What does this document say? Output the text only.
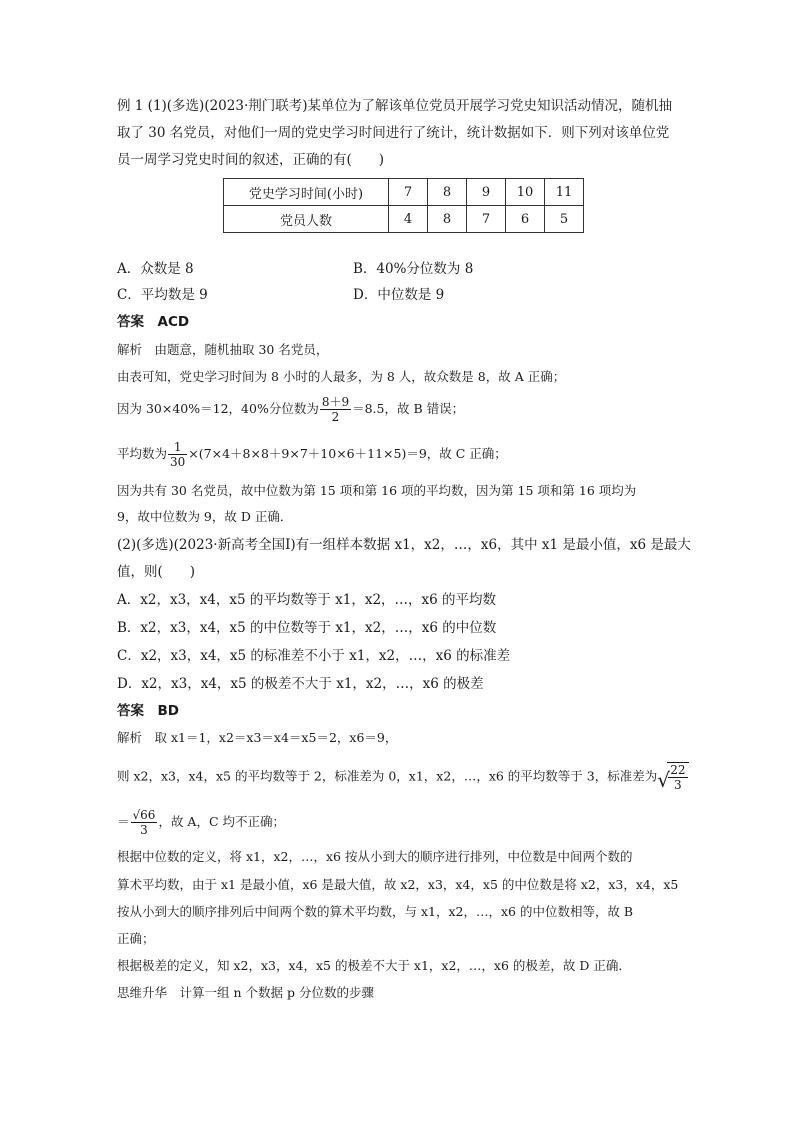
例 1 (1)(多选)(2023·荆门联考)某单位为了解该单位党员开展学习党史知识活动情况，随机抽
取了 30 名党员，对他们一周的党史学习时间进行了统计，统计数据如下．则下列对该单位党
员一周学习党史时间的叙述，正确的有(　　)
党史学习时间(小时)	7	8	9	10	11
党员人数	4	8	7	6	5
A．众数是 8	B．40%分位数为 8
C．平均数是 9	D．中位数是 9
答案　ACD
解析　由题意，随机抽取 30 名党员，
由表可知，党史学习时间为 8 小时的人最多，为 8 人，故众数是 8，故 A 正确；
因为 30×40%＝12，40%分位数为 $\frac{8+9}{2} =8.5$，故 B 错误；
平均数为 $\frac{1}{30} \times(7\times 4+8\times 8+9\times 7+10\times 6+11\times 5)=9$，故 C 正确；
因为共有 30 名党员，故中位数为第 15 项和第 16 项的平均数，因为第 15 项和第 16 项均为
9，故中位数为 9，故 D 正确．
(2)(多选)(2023·新高考全国Ⅰ)有一组样本数据 x1，x2，…，x6，其中 x1 是最小值，x6 是最大
值，则(　　)
A．x2，x3，x4，x5 的平均数等于 x1，x2，…，x6 的平均数
B．x2，x3，x4，x5 的中位数等于 x1，x2，…，x6 的中位数
C．x2，x3，x4，x5 的标准差不小于 x1，x2，…，x6 的标准差
D．x2，x3，x4，x5 的极差不大于 x1，x2，…，x6 的极差
答案　BD
解析　取 x1＝1，x2＝x3＝x4＝x5＝2，x6＝9，
则 x2，x3，x4，x5 的平均数等于 2，标准差为 0，x1，x2，…，x6 的平均数等于 3，标准差为 √
$\frac{22}{3}$
＝ $\frac{√66}{3}$ ，故 A，C 均不正确；
根据中位数的定义，将 x1，x2，…，x6 按从小到大的顺序进行排列，中位数是中间两个数的
算术平均数，由于 x1 是最小值，x6 是最大值，故 x2，x3，x4，x5 的中位数是将 x2，x3，x4，x5
按从小到大的顺序排列后中间两个数的算术平均数，与 x1，x2，…，x6 的中位数相等，故 B
正确；
根据极差的定义，知 x2，x3，x4，x5 的极差不大于 x1，x2，…，x6 的极差，故 D 正确．
思维升华　计算一组 n 个数据 p 分位数的步骤
